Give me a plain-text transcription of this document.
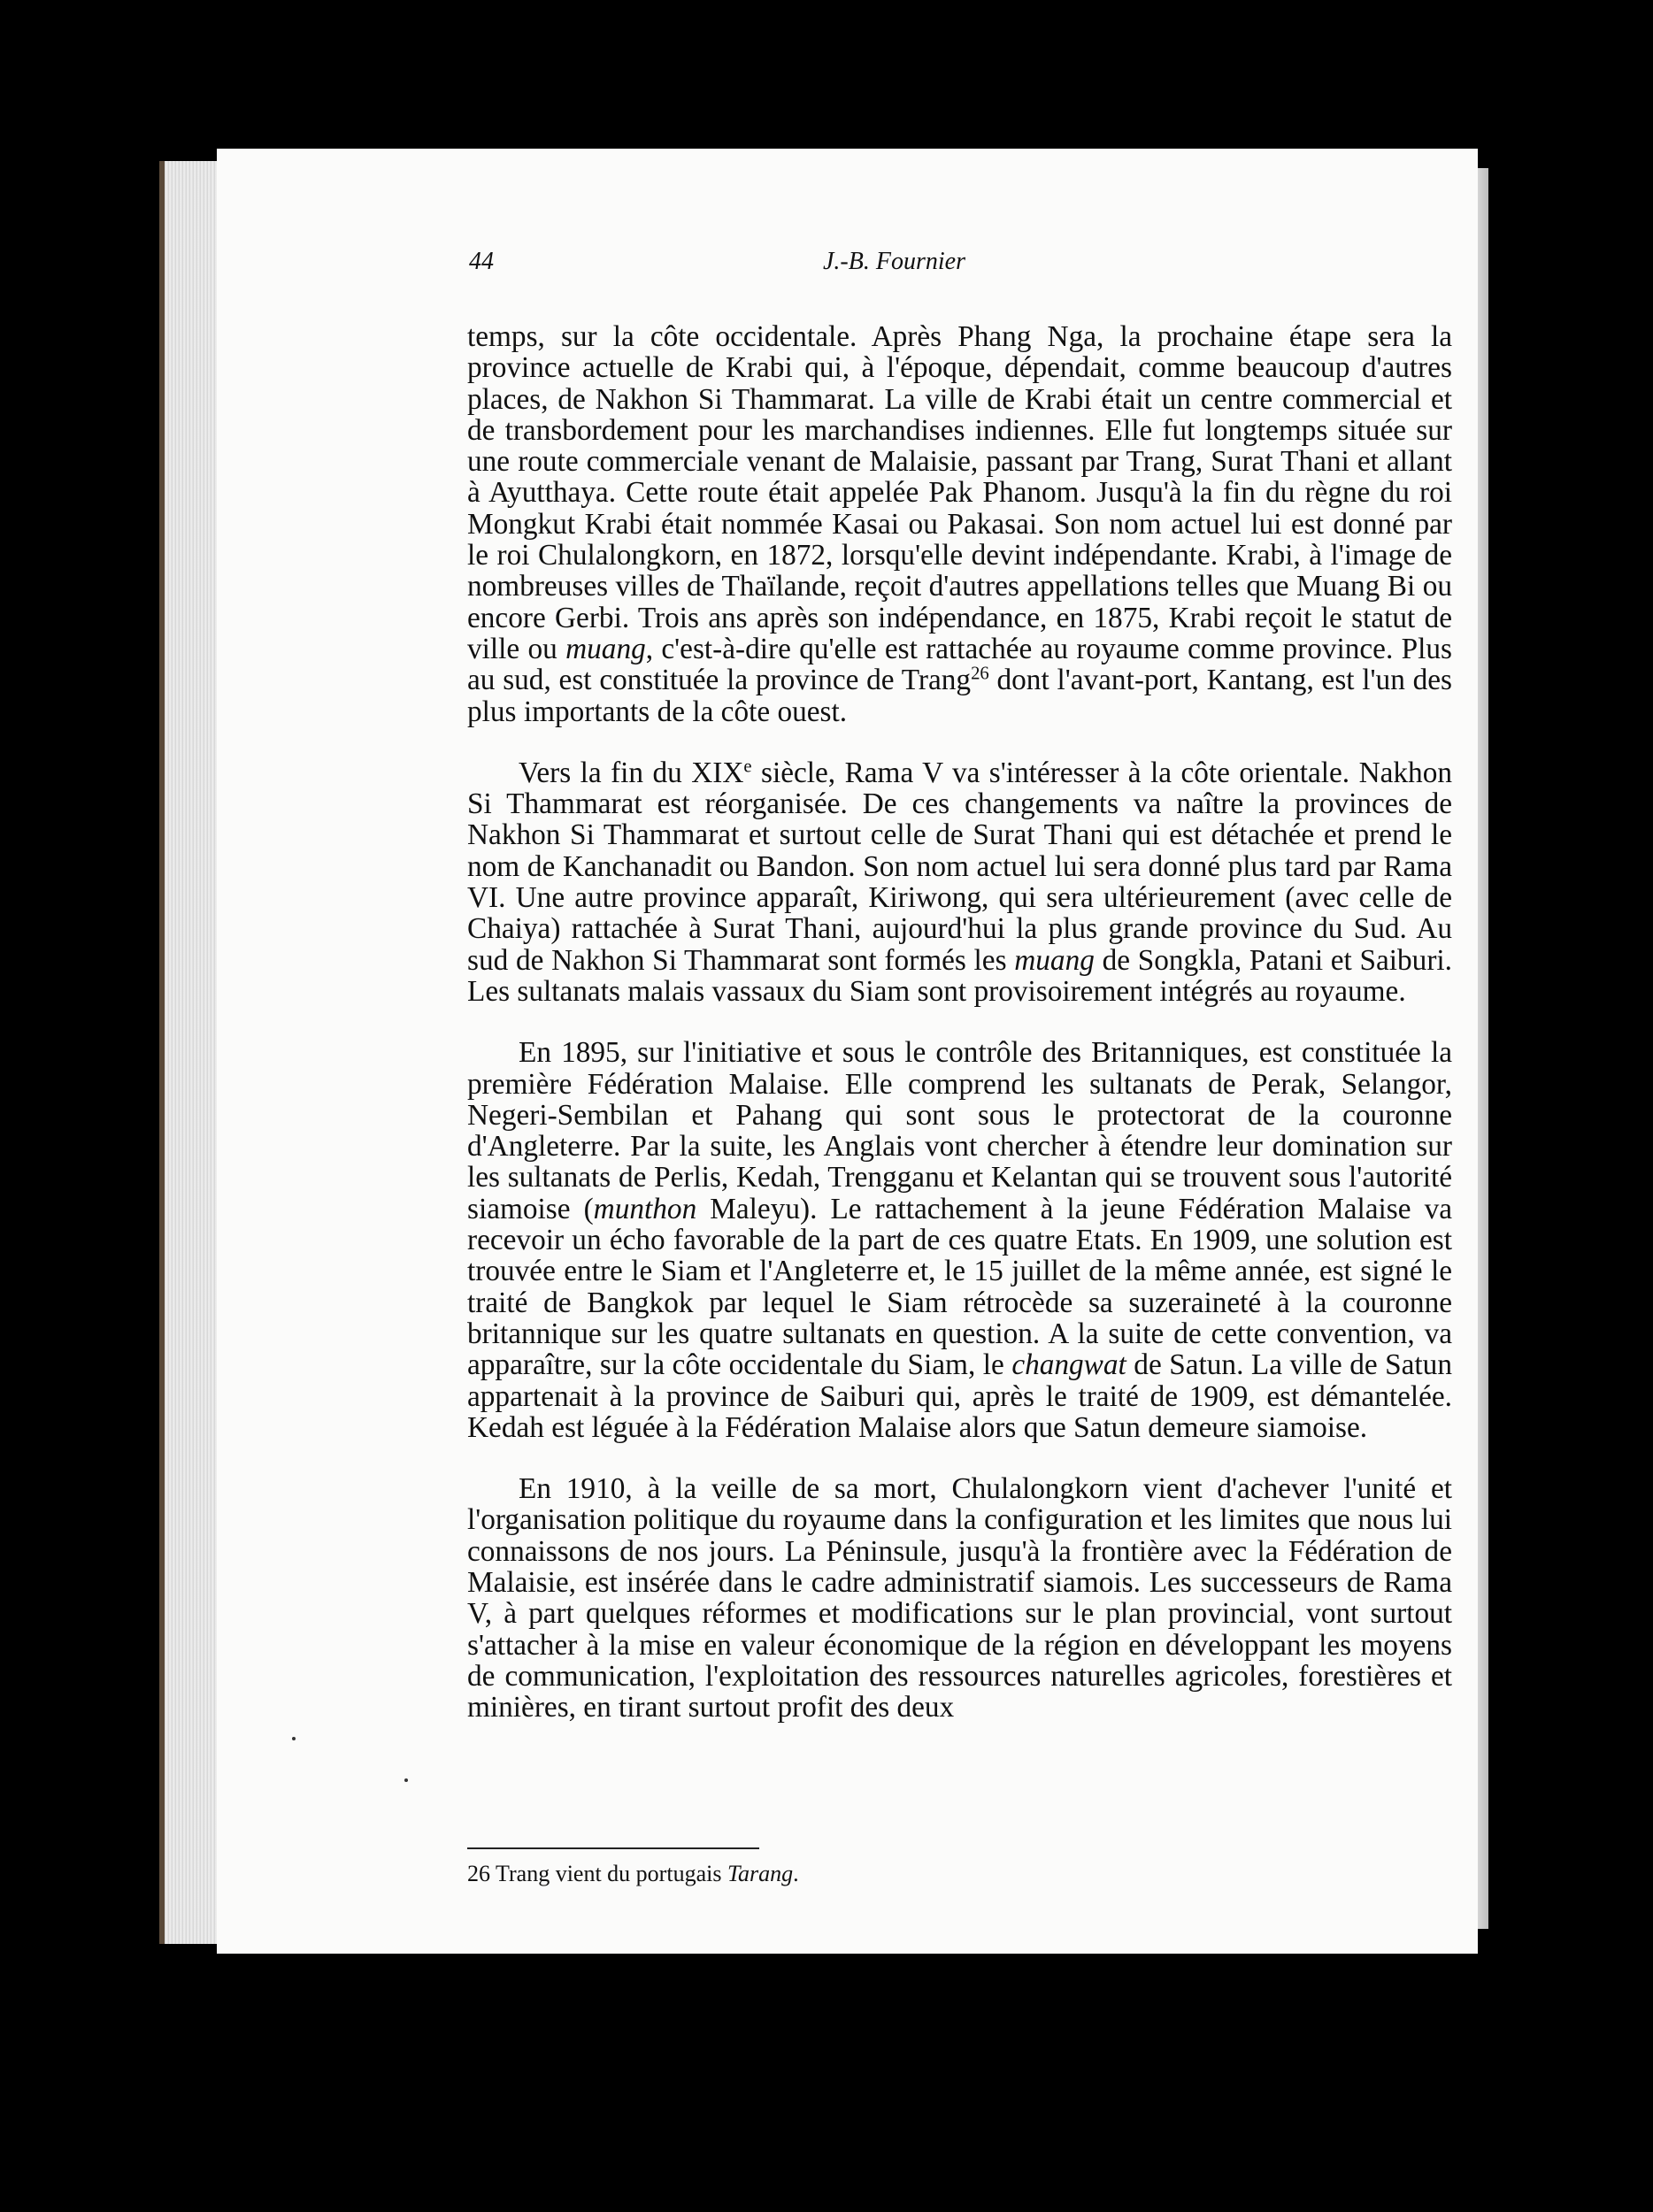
44	J.-B. Fournier

temps, sur la côte occidentale. Après Phang Nga, la prochaine étape sera la province actuelle de Krabi qui, à l'époque, dépendait, comme beaucoup d'autres places, de Nakhon Si Thammarat. La ville de Krabi était un centre commercial et de transbordement pour les marchandises indiennes. Elle fut longtemps située sur une route commerciale venant de Malaisie, passant par Trang, Surat Thani et allant à Ayutthaya. Cette route était appelée Pak Phanom. Jusqu'à la fin du règne du roi Mongkut Krabi était nommée Kasai ou Pakasai. Son nom actuel lui est donné par le roi Chulalongkorn, en 1872, lorsqu'elle devint indépendante. Krabi, à l'image de nombreuses villes de Thaïlande, reçoit d'autres appellations telles que Muang Bi ou encore Gerbi. Trois ans après son indépendance, en 1875, Krabi reçoit le statut de ville ou muang, c'est-à-dire qu'elle est rattachée au royaume comme province. Plus au sud, est constituée la province de Trang$^{26}$ dont l'avant-port, Kantang, est l'un des plus importants de la côte ouest.

Vers la fin du XIXe siècle, Rama V va s'intéresser à la côte orientale. Nakhon Si Thammarat est réorganisée. De ces changements va naître la provinces de Nakhon Si Thammarat et surtout celle de Surat Thani qui est détachée et prend le nom de Kanchanadit ou Bandon. Son nom actuel lui sera donné plus tard par Rama VI. Une autre province apparaît, Kiriwong, qui sera ultérieurement (avec celle de Chaiya) rattachée à Surat Thani, aujourd'hui la plus grande province du Sud. Au sud de Nakhon Si Thammarat sont formés les muang de Songkla, Patani et Saiburi. Les sultanats malais vassaux du Siam sont provisoirement intégrés au royaume.

En 1895, sur l'initiative et sous le contrôle des Britanniques, est constituée la première Fédération Malaise. Elle comprend les sultanats de Perak, Selangor, Negeri-Sembilan et Pahang qui sont sous le protectorat de la couronne d'Angleterre. Par la suite, les Anglais vont chercher à étendre leur domination sur les sultanats de Perlis, Kedah, Trengganu et Kelantan qui se trouvent sous l'autorité siamoise (munthon Maleyu). Le rattachement à la jeune Fédération Malaise va recevoir un écho favorable de la part de ces quatre Etats. En 1909, une solution est trouvée entre le Siam et l'Angleterre et, le 15 juillet de la même année, est signé le traité de Bangkok par lequel le Siam rétrocède sa suzeraineté à la couronne britannique sur les quatre sultanats en question. A la suite de cette convention, va apparaître, sur la côte occidentale du Siam, le changwat de Satun. La ville de Satun appartenait à la province de Saiburi qui, après le traité de 1909, est démantelée. Kedah est léguée à la Fédération Malaise alors que Satun demeure siamoise.

En 1910, à la veille de sa mort, Chulalongkorn vient d'achever l'unité et l'organisation politique du royaume dans la configuration et les limites que nous lui connaissons de nos jours. La Péninsule, jusqu'à la frontière avec la Fédération de Malaisie, est insérée dans le cadre administratif siamois. Les successeurs de Rama V, à part quelques réformes et modifications sur le plan provincial, vont surtout s'attacher à la mise en valeur économique de la région en développant les moyens de communication, l'exploitation des ressources naturelles agricoles, forestières et minières, en tirant surtout profit des deux

26 Trang vient du portugais Tarang.
